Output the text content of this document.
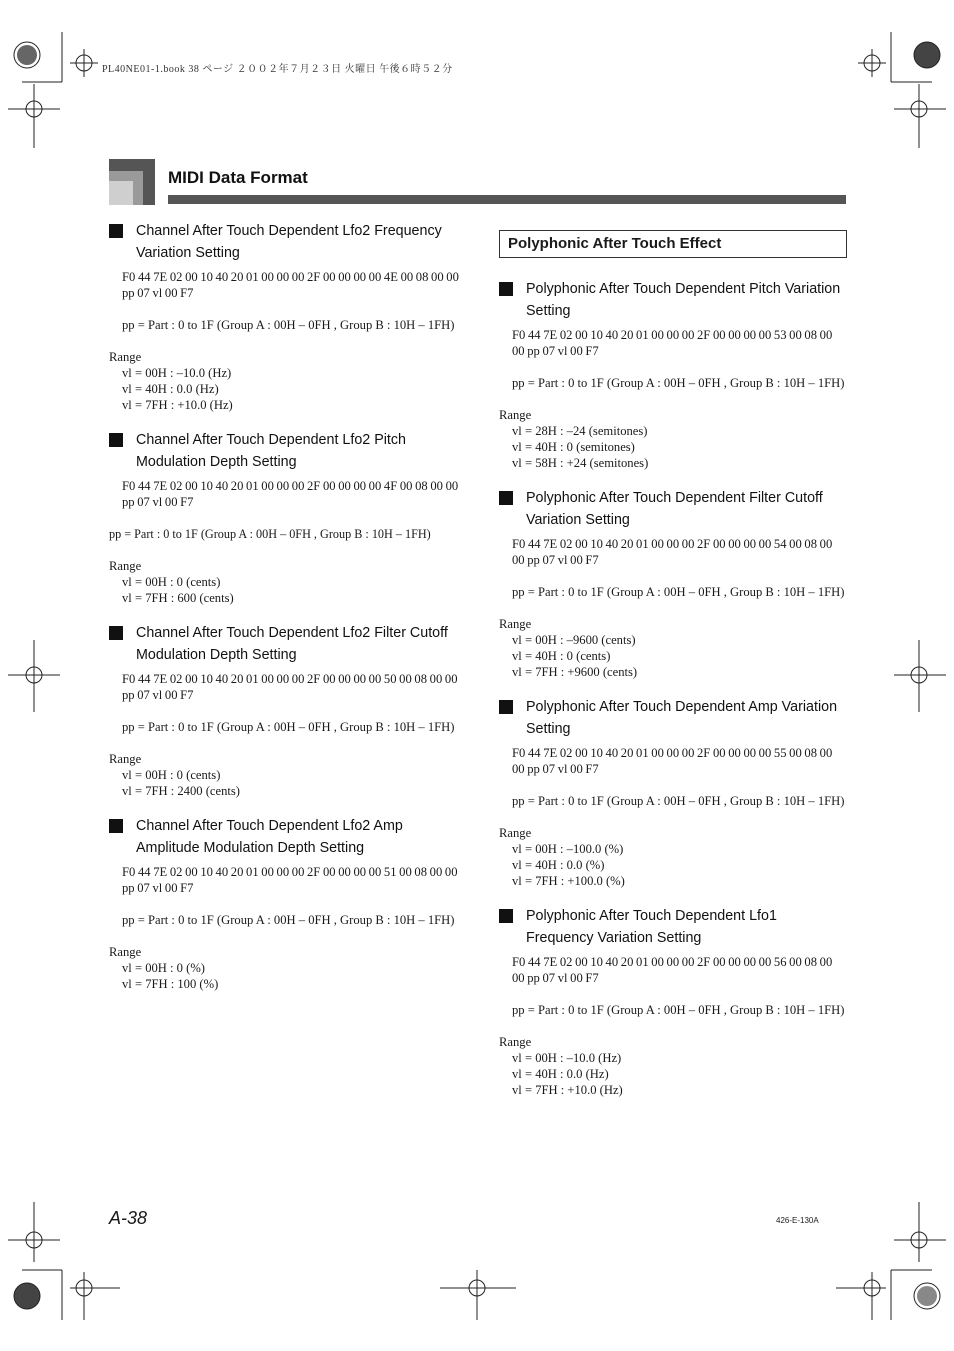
PL40NE01-1.book 38 ページ ２００２年７月２３日 火曜日 午後６時５２分
MIDI Data Format
Channel After Touch Dependent Lfo2 Frequency Variation Setting
F0 44 7E 02 00 10 40 20 01 00 00 00 2F 00 00 00 00 4E 00 08 00 00 pp 07 vl 00 F7
pp = Part : 0 to 1F (Group A : 00H – 0FH , Group B : 10H – 1FH)
Range
vl = 00H : –10.0 (Hz)
vl = 40H : 0.0 (Hz)
vl = 7FH : +10.0 (Hz)
Channel After Touch Dependent Lfo2 Pitch Modulation Depth Setting
F0 44 7E 02 00 10 40 20 01 00 00 00 2F 00 00 00 00 4F 00 08 00 00 pp 07 vl 00 F7
pp = Part : 0 to 1F (Group A : 00H – 0FH , Group B : 10H – 1FH)
Range
vl = 00H : 0 (cents)
vl = 7FH : 600 (cents)
Channel After Touch Dependent Lfo2 Filter Cutoff Modulation Depth Setting
F0 44 7E 02 00 10 40 20 01 00 00 00 2F 00 00 00 00 50 00 08 00 00 pp 07 vl 00 F7
pp = Part : 0 to 1F (Group A : 00H – 0FH , Group B : 10H – 1FH)
Range
vl = 00H : 0 (cents)
vl = 7FH : 2400 (cents)
Channel After Touch Dependent Lfo2 Amp Amplitude Modulation Depth Setting
F0 44 7E 02 00 10 40 20 01 00 00 00 2F 00 00 00 00 51 00 08 00 00 pp 07 vl 00 F7
pp = Part : 0 to 1F (Group A : 00H – 0FH , Group B : 10H – 1FH)
Range
vl = 00H : 0 (%)
vl = 7FH : 100 (%)
Polyphonic After Touch Effect
Polyphonic After Touch Dependent Pitch Variation Setting
F0 44 7E 02 00 10 40 20 01 00 00 00 2F 00 00 00 00 53 00 08 00 00 pp 07 vl 00 F7
pp = Part : 0 to 1F (Group A : 00H – 0FH , Group B : 10H – 1FH)
Range
vl = 28H : –24 (semitones)
vl = 40H : 0 (semitones)
vl = 58H : +24 (semitones)
Polyphonic After Touch Dependent Filter Cutoff Variation Setting
F0 44 7E 02 00 10 40 20 01 00 00 00 2F 00 00 00 00 54 00 08 00 00 pp 07 vl 00 F7
pp = Part : 0 to 1F (Group A : 00H – 0FH , Group B : 10H – 1FH)
Range
vl = 00H : –9600 (cents)
vl = 40H : 0 (cents)
vl = 7FH : +9600 (cents)
Polyphonic After Touch Dependent Amp Variation Setting
F0 44 7E 02 00 10 40 20 01 00 00 00 2F 00 00 00 00 55 00 08 00 00 pp 07 vl 00 F7
pp = Part : 0 to 1F (Group A : 00H – 0FH , Group B : 10H – 1FH)
Range
vl = 00H : –100.0 (%)
vl = 40H : 0.0 (%)
vl = 7FH : +100.0 (%)
Polyphonic After Touch Dependent Lfo1 Frequency Variation Setting
F0 44 7E 02 00 10 40 20 01 00 00 00 2F 00 00 00 00 56 00 08 00 00 pp 07 vl 00 F7
pp = Part : 0 to 1F (Group A : 00H – 0FH , Group B : 10H – 1FH)
Range
vl = 00H : –10.0 (Hz)
vl = 40H : 0.0 (Hz)
vl = 7FH : +10.0 (Hz)
A-38	426-E-130A
